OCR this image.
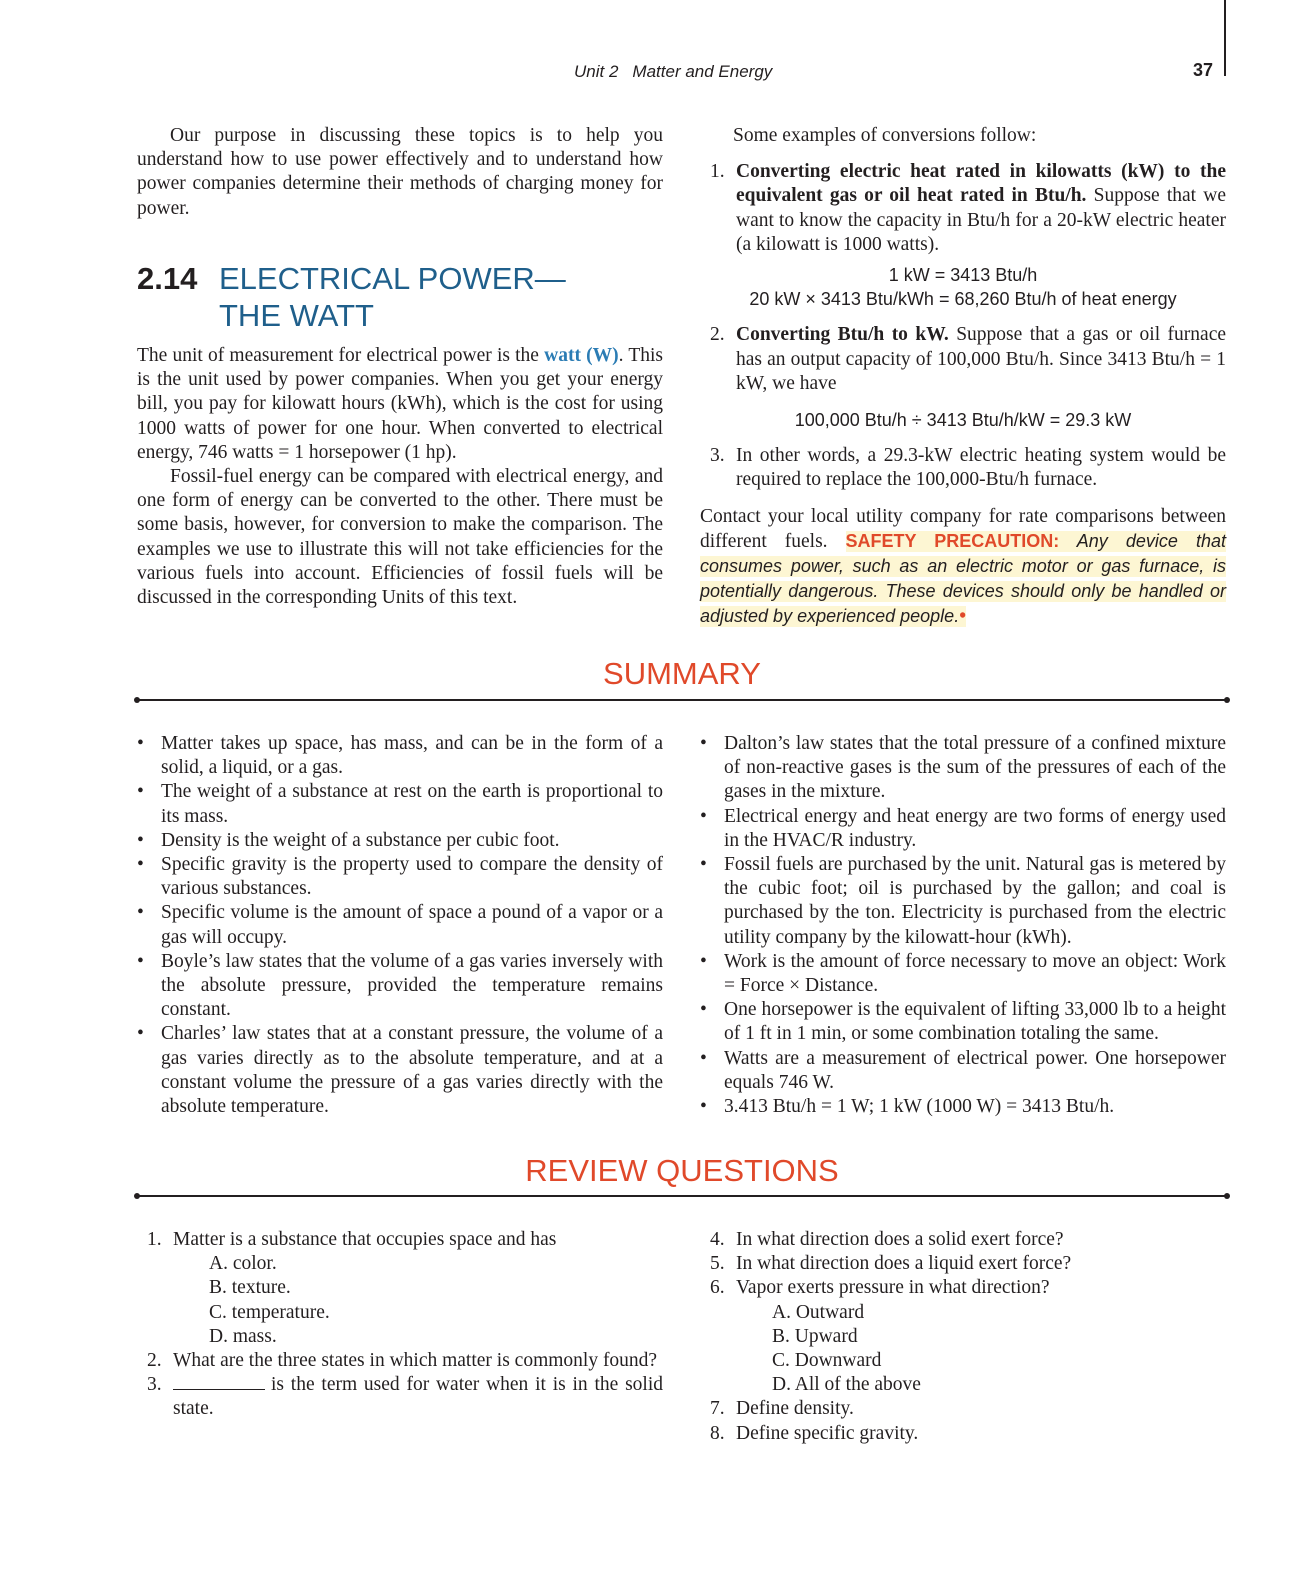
Unit 2 Matter and Energy	37

Our purpose in discussing these topics is to help you understand how to use power effectively and to understand how power companies determine their methods of charging money for power.

2.14 ELECTRICAL POWER—
THE WATT

The unit of measurement for electrical power is the watt (W). This is the unit used by power companies. When you get your energy bill, you pay for kilowatt hours (kWh), which is the cost for using 1000 watts of power for one hour. When converted to electrical energy, 746 watts = 1 horsepower (1 hp).

Fossil-fuel energy can be compared with electrical energy, and one form of energy can be converted to the other. There must be some basis, however, for conversion to make the comparison. The examples we use to illustrate this will not take efficiencies for the various fuels into account. Efficiencies of fossil fuels will be discussed in the corresponding Units of this text.

Some examples of conversions follow:

1. Converting electric heat rated in kilowatts (kW) to the equivalent gas or oil heat rated in Btu/h. Suppose that we want to know the capacity in Btu/h for a 20-kW electric heater (a kilowatt is 1000 watts).
1 kW = 3413 Btu/h
20 kW × 3413 Btu/kWh = 68,260 Btu/h of heat energy
2. Converting Btu/h to kW. Suppose that a gas or oil furnace has an output capacity of 100,000 Btu/h. Since 3413 Btu/h = 1 kW, we have
100,000 Btu/h ÷ 3413 Btu/h/kW = 29.3 kW
3. In other words, a 29.3-kW electric heating system would be required to replace the 100,000-Btu/h furnace.

Contact your local utility company for rate comparisons between different fuels. SAFETY PRECAUTION: Any device that consumes power, such as an electric motor or gas furnace, is potentially dangerous. These devices should only be handled or adjusted by experienced people.•

SUMMARY
• Matter takes up space, has mass, and can be in the form of a solid, a liquid, or a gas.
• The weight of a substance at rest on the earth is proportional to its mass.
• Density is the weight of a substance per cubic foot.
• Specific gravity is the property used to compare the density of various substances.
• Specific volume is the amount of space a pound of a vapor or a gas will occupy.
• Boyle’s law states that the volume of a gas varies inversely with the absolute pressure, provided the temperature remains constant.
• Charles’ law states that at a constant pressure, the volume of a gas varies directly as to the absolute temperature, and at a constant volume the pressure of a gas varies directly with the absolute temperature.
• Dalton’s law states that the total pressure of a confined mixture of non-reactive gases is the sum of the pressures of each of the gases in the mixture.
• Electrical energy and heat energy are two forms of energy used in the HVAC/R industry.
• Fossil fuels are purchased by the unit. Natural gas is metered by the cubic foot; oil is purchased by the gallon; and coal is purchased by the ton. Electricity is purchased from the electric utility company by the kilowatt-hour (kWh).
• Work is the amount of force necessary to move an object: Work = Force × Distance.
• One horsepower is the equivalent of lifting 33,000 lb to a height of 1 ft in 1 min, or some combination totaling the same.
• Watts are a measurement of electrical power. One horsepower equals 746 W.
• 3.413 Btu/h = 1 W; 1 kW (1000 W) = 3413 Btu/h.
REVIEW QUESTIONS
1. Matter is a substance that occupies space and has
A. color.
B. texture.
C. temperature.
D. mass.
2. What are the three states in which matter is commonly found?
3.	is the term used for water when it is in the solid state.
4. In what direction does a solid exert force?
5. In what direction does a liquid exert force?
6. Vapor exerts pressure in what direction?
A. Outward
B. Upward
C. Downward
D. All of the above
7. Define density.
8. Define specific gravity.
